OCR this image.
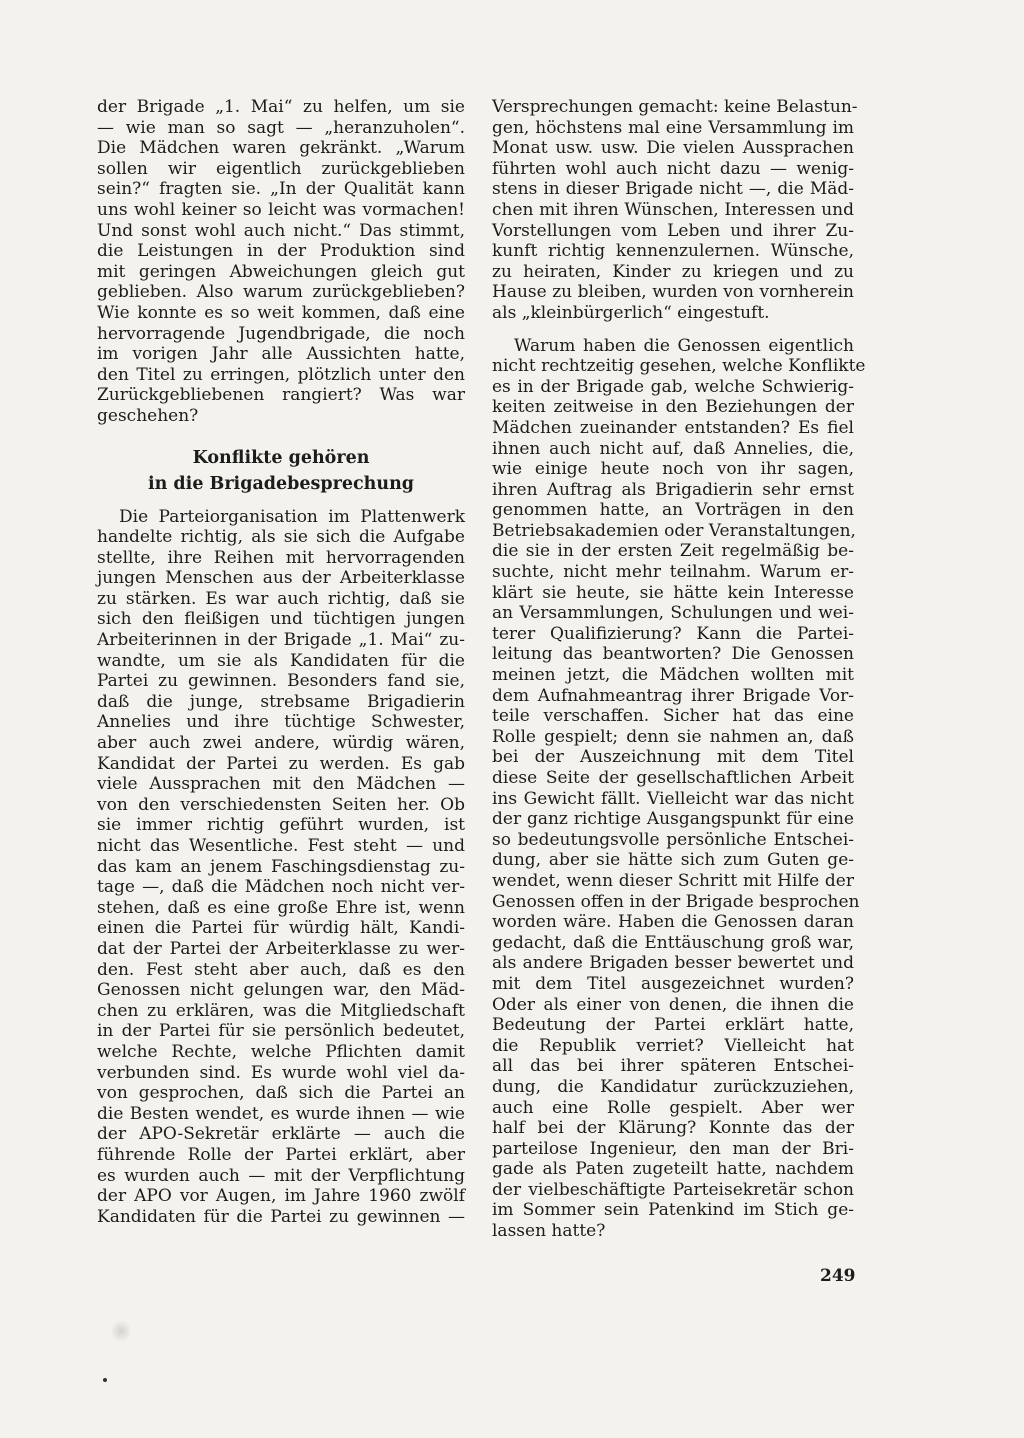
der Brigade „1. Mai“ zu helfen, um sie
— wie man so sagt — „heranzuholen“.
Die Mädchen waren gekränkt. „Warum
sollen wir eigentlich zurückgeblieben
sein?“ fragten sie. „In der Qualität kann
uns wohl keiner so leicht was vormachen!
Und sonst wohl auch nicht.“ Das stimmt,
die Leistungen in der Produktion sind
mit geringen Abweichungen gleich gut
geblieben. Also warum zurückgeblieben?
Wie konnte es so weit kommen, daß eine
hervorragende Jugendbrigade, die noch
im vorigen Jahr alle Aussichten hatte,
den Titel zu erringen, plötzlich unter den
Zurückgebliebenen rangiert? Was war
geschehen?
Konflikte gehören
in die Brigadebesprechung
Die Parteiorganisation im Plattenwerk
handelte richtig, als sie sich die Aufgabe
stellte, ihre Reihen mit hervorragenden
jungen Menschen aus der Arbeiterklasse
zu stärken. Es war auch richtig, daß sie
sich den fleißigen und tüchtigen jungen
Arbeiterinnen in der Brigade „1. Mai“ zu-
wandte, um sie als Kandidaten für die
Partei zu gewinnen. Besonders fand sie,
daß die junge, strebsame Brigadierin
Annelies und ihre tüchtige Schwester,
aber auch zwei andere, würdig wären,
Kandidat der Partei zu werden. Es gab
viele Aussprachen mit den Mädchen —
von den verschiedensten Seiten her. Ob
sie immer richtig geführt wurden, ist
nicht das Wesentliche. Fest steht — und
das kam an jenem Faschingsdienstag zu-
tage —, daß die Mädchen noch nicht ver-
stehen, daß es eine große Ehre ist, wenn
einen die Partei für würdig hält, Kandi-
dat der Partei der Arbeiterklasse zu wer-
den. Fest steht aber auch, daß es den
Genossen nicht gelungen war, den Mäd-
chen zu erklären, was die Mitgliedschaft
in der Partei für sie persönlich bedeutet,
welche Rechte, welche Pflichten damit
verbunden sind. Es wurde wohl viel da-
von gesprochen, daß sich die Partei an
die Besten wendet, es wurde ihnen — wie
der APO-Sekretär erklärte — auch die
führende Rolle der Partei erklärt, aber
es wurden auch — mit der Verpflichtung
der APO vor Augen, im Jahre 1960 zwölf
Kandidaten für die Partei zu gewinnen —
Versprechungen gemacht: keine Belastun-
gen, höchstens mal eine Versammlung im
Monat usw. usw. Die vielen Aussprachen
führten wohl auch nicht dazu — wenig-
stens in dieser Brigade nicht —, die Mäd-
chen mit ihren Wünschen, Interessen und
Vorstellungen vom Leben und ihrer Zu-
kunft richtig kennenzulernen. Wünsche,
zu heiraten, Kinder zu kriegen und zu
Hause zu bleiben, wurden von vornherein
als „kleinbürgerlich“ eingestuft.
Warum haben die Genossen eigentlich
nicht rechtzeitig gesehen, welche Konflikte
es in der Brigade gab, welche Schwierig-
keiten zeitweise in den Beziehungen der
Mädchen zueinander entstanden? Es fiel
ihnen auch nicht auf, daß Annelies, die,
wie einige heute noch von ihr sagen,
ihren Auftrag als Brigadierin sehr ernst
genommen hatte, an Vorträgen in den
Betriebsakademien oder Veranstaltungen,
die sie in der ersten Zeit regelmäßig be-
suchte, nicht mehr teilnahm. Warum er-
klärt sie heute, sie hätte kein Interesse
an Versammlungen, Schulungen und wei-
terer Qualifizierung? Kann die Partei-
leitung das beantworten? Die Genossen
meinen jetzt, die Mädchen wollten mit
dem Aufnahmeantrag ihrer Brigade Vor-
teile verschaffen. Sicher hat das eine
Rolle gespielt; denn sie nahmen an, daß
bei der Auszeichnung mit dem Titel
diese Seite der gesellschaftlichen Arbeit
ins Gewicht fällt. Vielleicht war das nicht
der ganz richtige Ausgangspunkt für eine
so bedeutungsvolle persönliche Entschei-
dung, aber sie hätte sich zum Guten ge-
wendet, wenn dieser Schritt mit Hilfe der
Genossen offen in der Brigade besprochen
worden wäre. Haben die Genossen daran
gedacht, daß die Enttäuschung groß war,
als andere Brigaden besser bewertet und
mit dem Titel ausgezeichnet wurden?
Oder als einer von denen, die ihnen die
Bedeutung der Partei erklärt hatte,
die Republik verriet? Vielleicht hat
all das bei ihrer späteren Entschei-
dung, die Kandidatur zurückzuziehen,
auch eine Rolle gespielt. Aber wer
half bei der Klärung? Konnte das der
parteilose Ingenieur, den man der Bri-
gade als Paten zugeteilt hatte, nachdem
der vielbeschäftigte Parteisekretär schon
im Sommer sein Patenkind im Stich ge-
lassen hatte?
249
